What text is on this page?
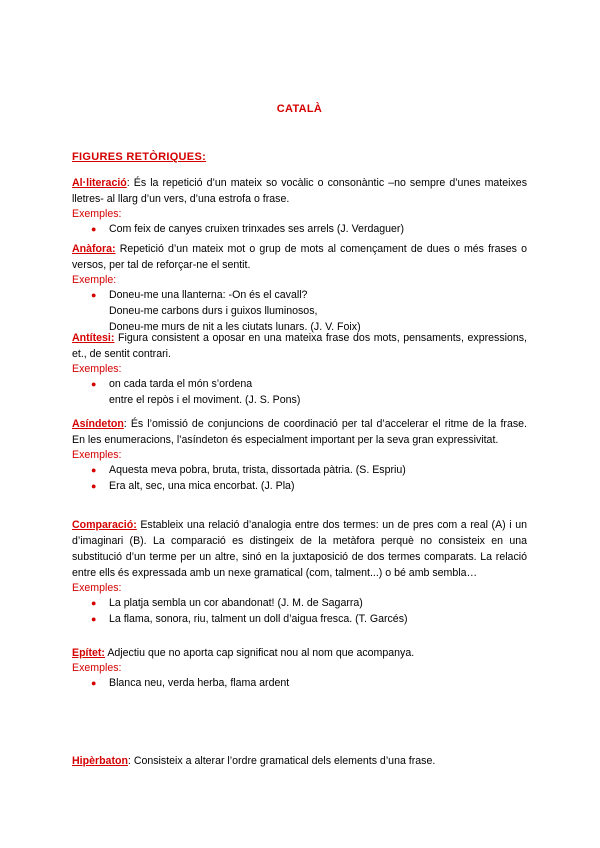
CATALÀ
FIGURES RETÒRIQUES:

Al·literació: És la repetició d’un mateix so vocàlic o consonàntic –no sempre d’unes mateixes lletres- al llarg d’un vers, d’una estrofa o frase.

Exemples:

● Com feix de canyes cruixen trinxades ses arrels (J. Verdaguer)

Anàfora: Repetició d’un mateix mot o grup de mots al començament de dues o més frases o versos, per tal de reforçar-ne el sentit.

Exemple:

● Doneu-me una llanterna: -On és el cavall?
Doneu-me carbons durs i guixos lluminosos,
Doneu-me murs de nit a les ciutats lunars. (J. V. Foix)

Antítesi: Figura consistent a oposar en una mateixa frase dos mots, pensaments, expressions, et., de sentit contrari.

Exemples:

● on cada tarda el món s’ordena
entre el repòs i el moviment. (J. S. Pons)

Asíndeton: És l’omissió de conjuncions de coordinació per tal d’accelerar el ritme de la frase. En les enumeracions, l’asíndeton és especialment important per la seva gran expressivitat.

Exemples:

● Aquesta meva pobra, bruta, trista, dissortada pàtria. (S. Espriu)
● Era alt, sec, una mica encorbat. (J. Pla)

Comparació: Estableix una relació d’analogia entre dos termes: un de pres com a real (A) i un d’imaginari (B). La comparació es distingeix de la metàfora perquè no consisteix en una substitució d’un terme per un altre, sinó en la juxtaposició de dos termes comparats. La relació entre ells és expressada amb un nexe gramatical (com, talment...) o bé amb sembla…

Exemples:

● La platja sembla un cor abandonat! (J. M. de Sagarra)
● La flama, sonora, riu, talment un doll d’aigua fresca. (T. Garcés)

Epítet: Adjectiu que no aporta cap significat nou al nom que acompanya.

Exemples:

● Blanca neu, verda herba, flama ardent

Hipèrbaton: Consisteix a alterar l’ordre gramatical dels elements d’una frase.
